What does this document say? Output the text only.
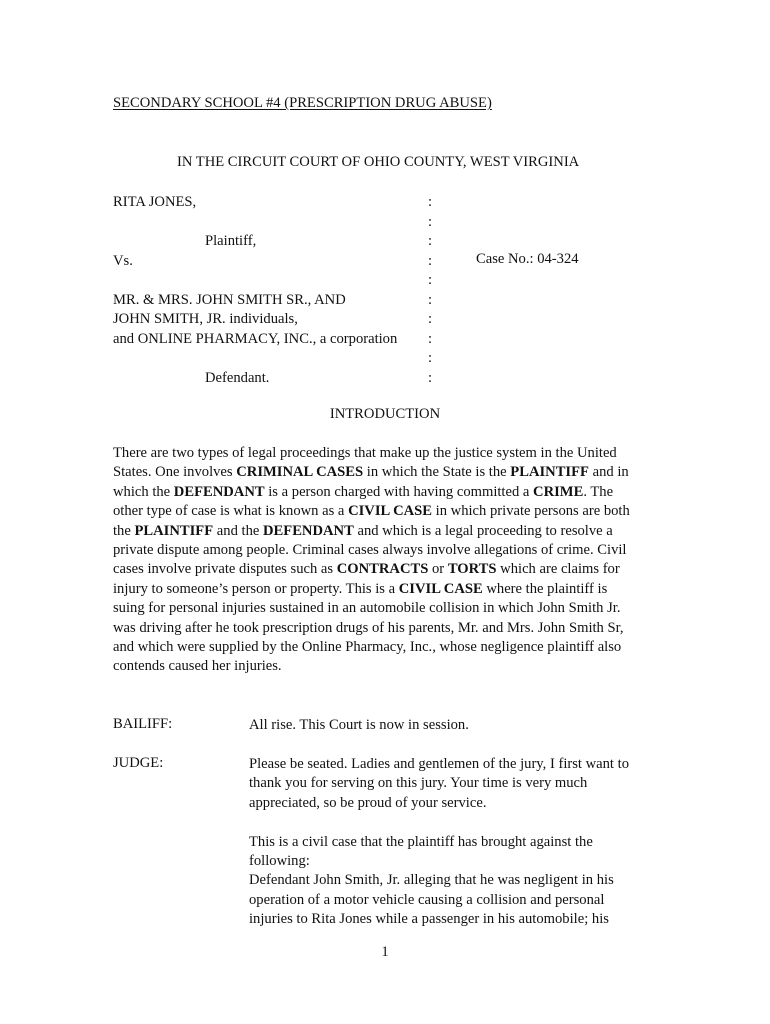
SECONDARY SCHOOL #4 (PRESCRIPTION DRUG ABUSE)
IN THE CIRCUIT COURT OF OHIO COUNTY, WEST VIRGINIA
RITA JONES,
Plaintiff,
Vs.
MR. & MRS. JOHN SMITH SR., AND
JOHN SMITH, JR. individuals,
and ONLINE PHARMACY, INC., a corporation
Defendant.
:
:
:
:
:
:
:
:
:
:
Case No.: 04-324
INTRODUCTION
There are two types of legal proceedings that make up the justice system in the United
States. One involves CRIMINAL CASES in which the State is the PLAINTIFF and in
which the DEFENDANT is a person charged with having committed a CRIME. The
other type of case is what is known as a CIVIL CASE in which private persons are both
the PLAINTIFF and the DEFENDANT and which is a legal proceeding to resolve a
private dispute among people. Criminal cases always involve allegations of crime. Civil
cases involve private disputes such as CONTRACTS or TORTS which are claims for
injury to someone’s person or property. This is a CIVIL CASE where the plaintiff is
suing for personal injuries sustained in an automobile collision in which John Smith Jr.
was driving after he took prescription drugs of his parents, Mr. and Mrs. John Smith Sr,
and which were supplied by the Online Pharmacy, Inc., whose negligence plaintiff also
contends caused her injuries.
BAILIFF:	All rise. This Court is now in session.
JUDGE:	Please be seated. Ladies and gentlemen of the jury, I first want to
thank you for serving on this jury. Your time is very much
appreciated, so be proud of your service.
This is a civil case that the plaintiff has brought against the
following:
Defendant John Smith, Jr. alleging that he was negligent in his
operation of a motor vehicle causing a collision and personal
injuries to Rita Jones while a passenger in his automobile; his
1
